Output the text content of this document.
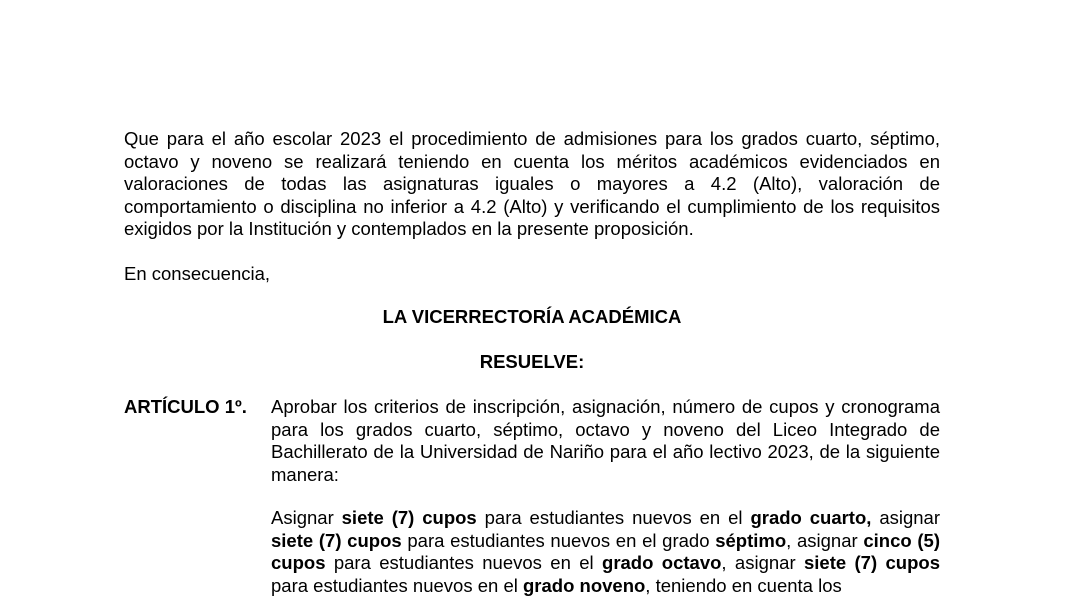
Que para el año escolar 2023 el procedimiento de admisiones para los grados cuarto, séptimo, octavo y noveno se realizará teniendo en cuenta los méritos académicos evidenciados en valoraciones de todas las asignaturas iguales o mayores a 4.2 (Alto), valoración de comportamiento o disciplina no inferior a 4.2 (Alto) y verificando el cumplimiento de los requisitos exigidos por la Institución y contemplados en la presente proposición.

En consecuencia,

LA VICERRECTORÍA ACADÉMICA

RESUELVE:

ARTÍCULO 1º. Aprobar los criterios de inscripción, asignación, número de cupos y cronograma para los grados cuarto, séptimo, octavo y noveno del Liceo Integrado de Bachillerato de la Universidad de Nariño para el año lectivo 2023, de la siguiente manera:

Asignar siete (7) cupos para estudiantes nuevos en el grado cuarto, asignar siete (7) cupos para estudiantes nuevos en el grado séptimo, asignar cinco (5) cupos para estudiantes nuevos en el grado octavo, asignar siete (7) cupos para estudiantes nuevos en el grado noveno, teniendo en cuenta los
